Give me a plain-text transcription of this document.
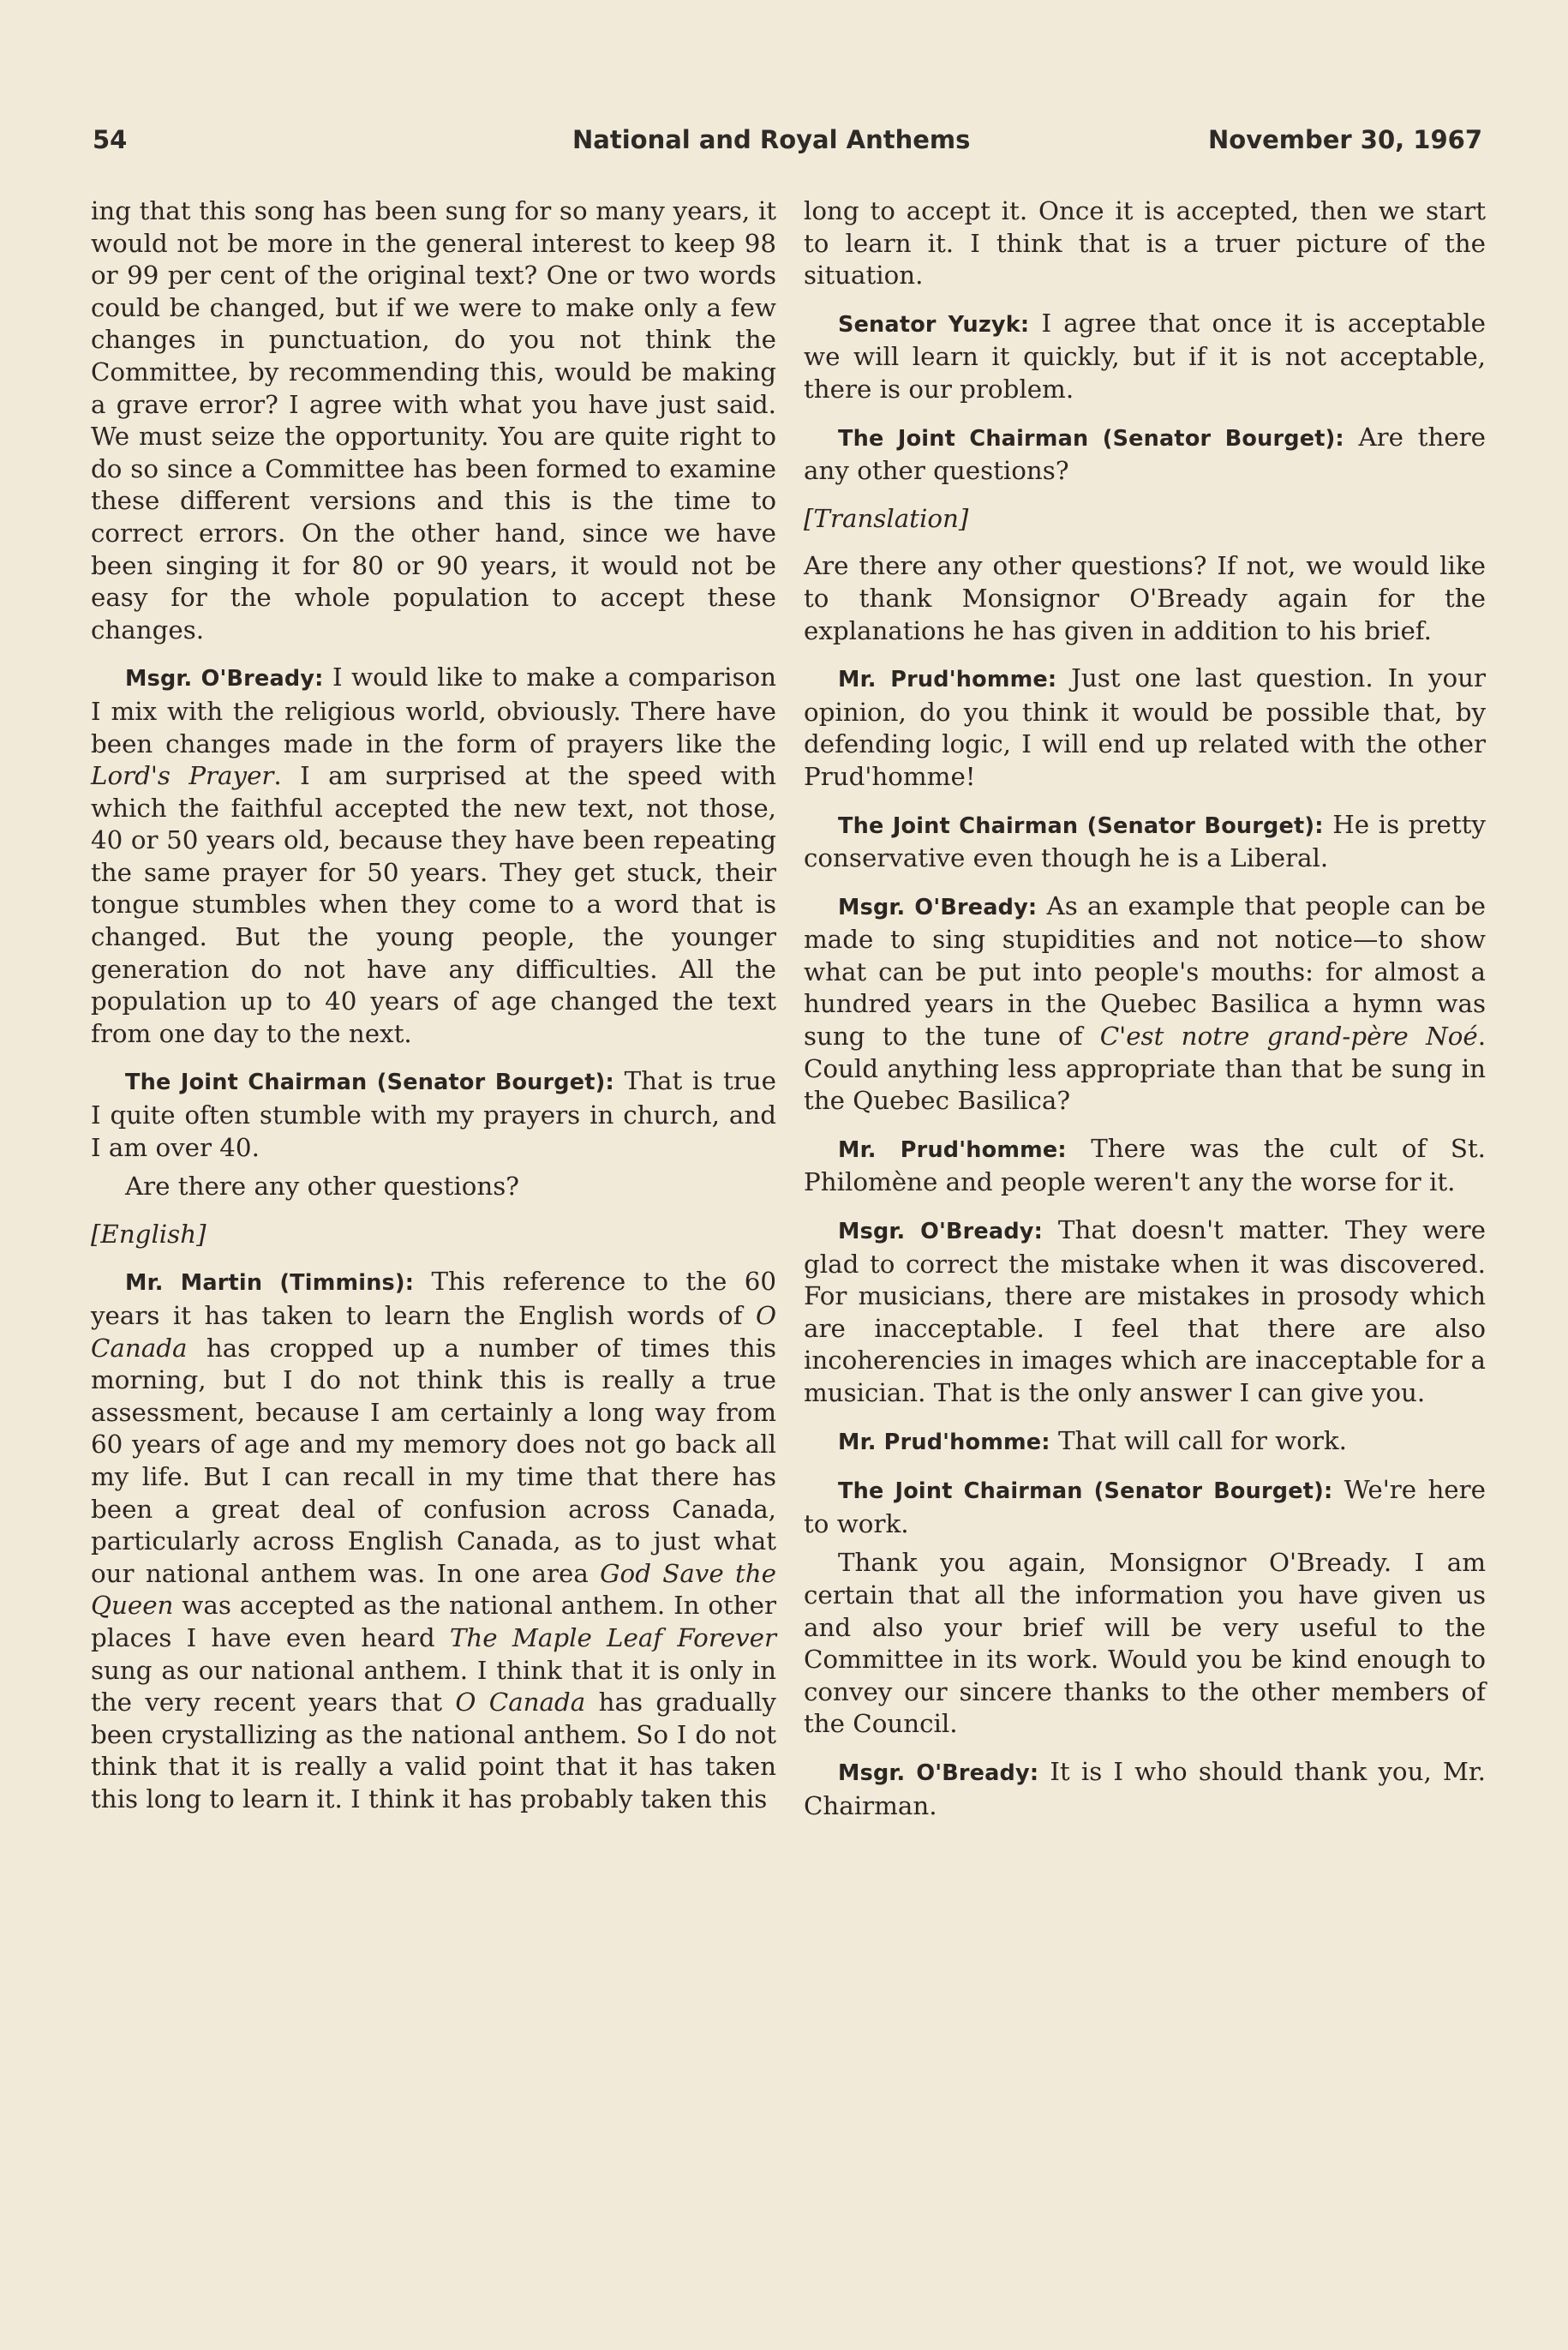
54	National and Royal Anthems	November 30, 1967

ing that this song has been sung for so many years, it would not be more in the general interest to keep 98 or 99 per cent of the original text? One or two words could be changed, but if we were to make only a few changes in punctuation, do you not think the Committee, by recommending this, would be making a grave error? I agree with what you have just said. We must seize the opportunity. You are quite right to do so since a Committee has been formed to examine these different versions and this is the time to correct errors. On the other hand, since we have been singing it for 80 or 90 years, it would not be easy for the whole population to accept these changes.

Msgr. O'Bready: I would like to make a comparison I mix with the religious world, obviously. There have been changes made in the form of prayers like the Lord's Prayer. I am surprised at the speed with which the faithful accepted the new text, not those, 40 or 50 years old, because they have been repeating the same prayer for 50 years. They get stuck, their tongue stumbles when they come to a word that is changed. But the young people, the younger generation do not have any difficulties. All the population up to 40 years of age changed the text from one day to the next.

The Joint Chairman (Senator Bourget): That is true I quite often stumble with my prayers in church, and I am over 40.

Are there any other questions?

[English]

Mr. Martin (Timmins): This reference to the 60 years it has taken to learn the English words of O Canada has cropped up a number of times this morning, but I do not think this is really a true assessment, because I am certainly a long way from 60 years of age and my memory does not go back all my life. But I can recall in my time that there has been a great deal of confusion across Canada, particularly across English Canada, as to just what our national anthem was. In one area God Save the Queen was accepted as the national anthem. In other places I have even heard The Maple Leaf Forever sung as our national anthem. I think that it is only in the very recent years that O Canada has gradually been crystallizing as the national anthem. So I do not think that it is really a valid point that it has taken this long to learn it. I think it has probably taken this

long to accept it. Once it is accepted, then we start to learn it. I think that is a truer picture of the situation.

Senator Yuzyk: I agree that once it is acceptable we will learn it quickly, but if it is not acceptable, there is our problem.

The Joint Chairman (Senator Bourget): Are there any other questions?

[Translation]

Are there any other questions? If not, we would like to thank Monsignor O'Bready again for the explanations he has given in addition to his brief.

Mr. Prud'homme: Just one last question. In your opinion, do you think it would be possible that, by defending logic, I will end up related with the other Prud'homme!

The Joint Chairman (Senator Bourget): He is pretty conservative even though he is a Liberal.

Msgr. O'Bready: As an example that people can be made to sing stupidities and not notice—to show what can be put into people's mouths: for almost a hundred years in the Quebec Basilica a hymn was sung to the tune of C'est notre grand-père Noé. Could anything less appropriate than that be sung in the Quebec Basilica?

Mr. Prud'homme: There was the cult of St. Philomène and people weren't any the worse for it.

Msgr. O'Bready: That doesn't matter. They were glad to correct the mistake when it was discovered. For musicians, there are mistakes in prosody which are inacceptable. I feel that there are also incoherencies in images which are inacceptable for a musician. That is the only answer I can give you.

Mr. Prud'homme: That will call for work.

The Joint Chairman (Senator Bourget): We're here to work.

Thank you again, Monsignor O'Bready. I am certain that all the information you have given us and also your brief will be very useful to the Committee in its work. Would you be kind enough to convey our sincere thanks to the other members of the Council.

Msgr. O'Bready: It is I who should thank you, Mr. Chairman.
